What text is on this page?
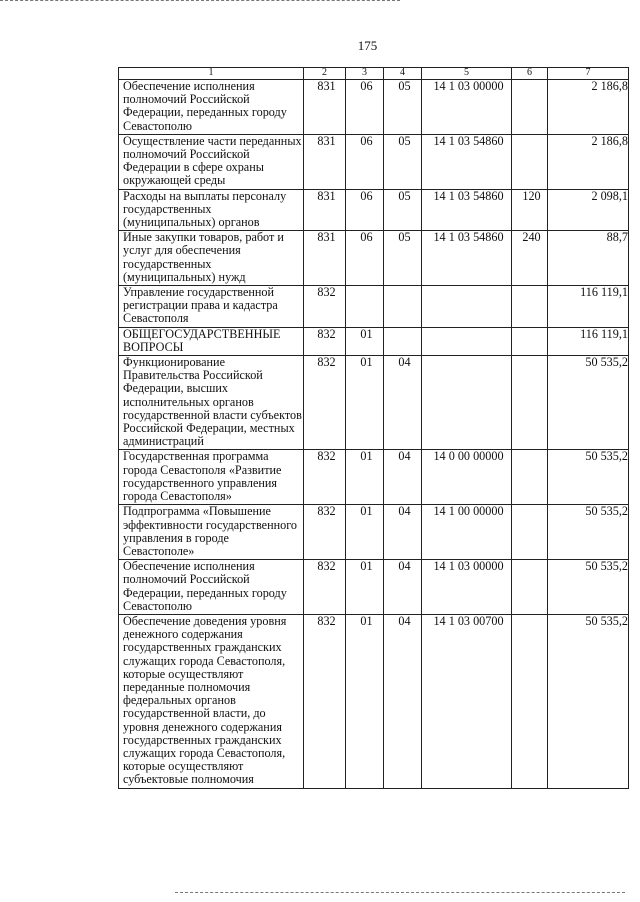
175
1	2	3	4	5	6	7
Обеспечение исполнения полномочий Российской Федерации, переданных городу Севастополю	831	06	05	14 1 03 00000		2 186,8
Осуществление части переданных полномочий Российской Федерации в сфере охраны окружающей среды	831	06	05	14 1 03 54860		2 186,8
Расходы на выплаты персоналу государственных (муниципальных) органов	831	06	05	14 1 03 54860	120	2 098,1
Иные закупки товаров, работ и услуг для обеспечения государственных (муниципальных) нужд	831	06	05	14 1 03 54860	240	88,7
Управление государственной регистрации права и кадастра Севастополя	832					116 119,1
ОБЩЕГОСУДАРСТВЕННЫЕ ВОПРОСЫ	832	01				116 119,1
Функционирование Правительства Российской Федерации, высших исполнительных органов государственной власти субъектов Российской Федерации, местных администраций	832	01	04			50 535,2
Государственная программа города Севастополя «Развитие государственного управления города Севастополя»	832	01	04	14 0 00 00000		50 535,2
Подпрограмма «Повышение эффективности государственного управления в городе Севастополе»	832	01	04	14 1 00 00000		50 535,2
Обеспечение исполнения полномочий Российской Федерации, переданных городу Севастополю	832	01	04	14 1 03 00000		50 535,2
Обеспечение доведения уровня денежного содержания государственных гражданских служащих города Севастополя, которые осуществляют переданные полномочия федеральных органов государственной власти, до уровня денежного содержания государственных гражданских служащих города Севастополя, которые осуществляют субъектовые полномочия	832	01	04	14 1 03 00700		50 535,2
